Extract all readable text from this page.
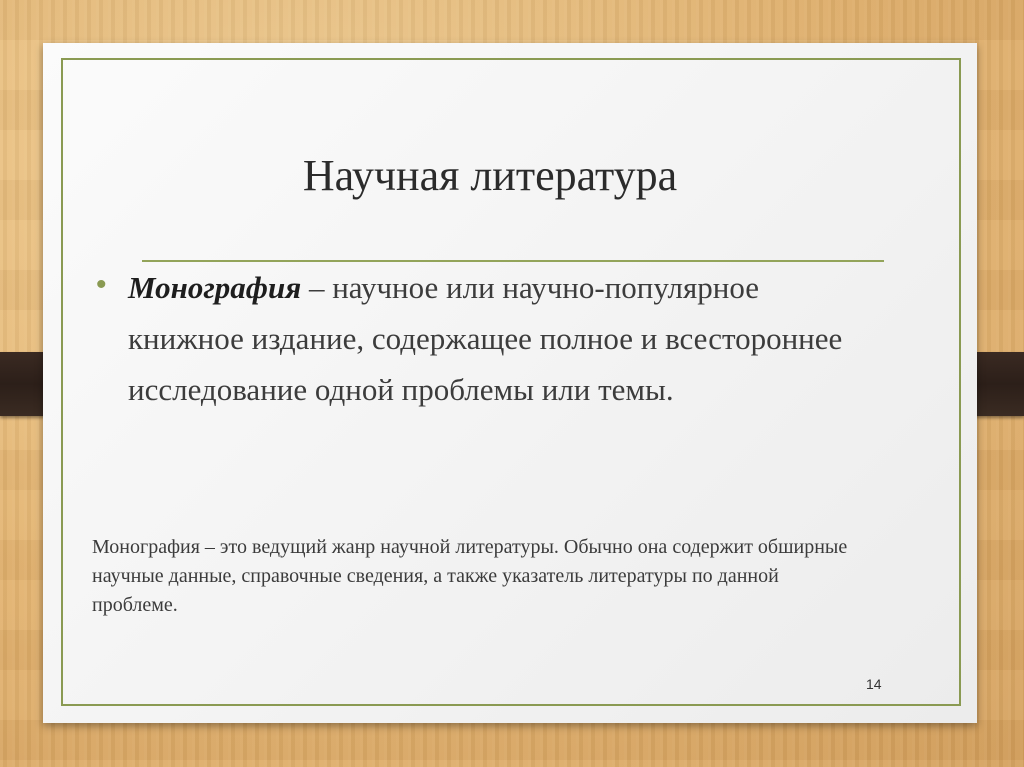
Научная литература
• Монография – научное или научно-популярное книжное издание, содержащее полное и всестороннее исследование одной проблемы или темы.

Монография – это ведущий жанр научной литературы. Обычно она содержит обширные научные данные, справочные сведения, а также указатель литературы по данной проблеме.

14
